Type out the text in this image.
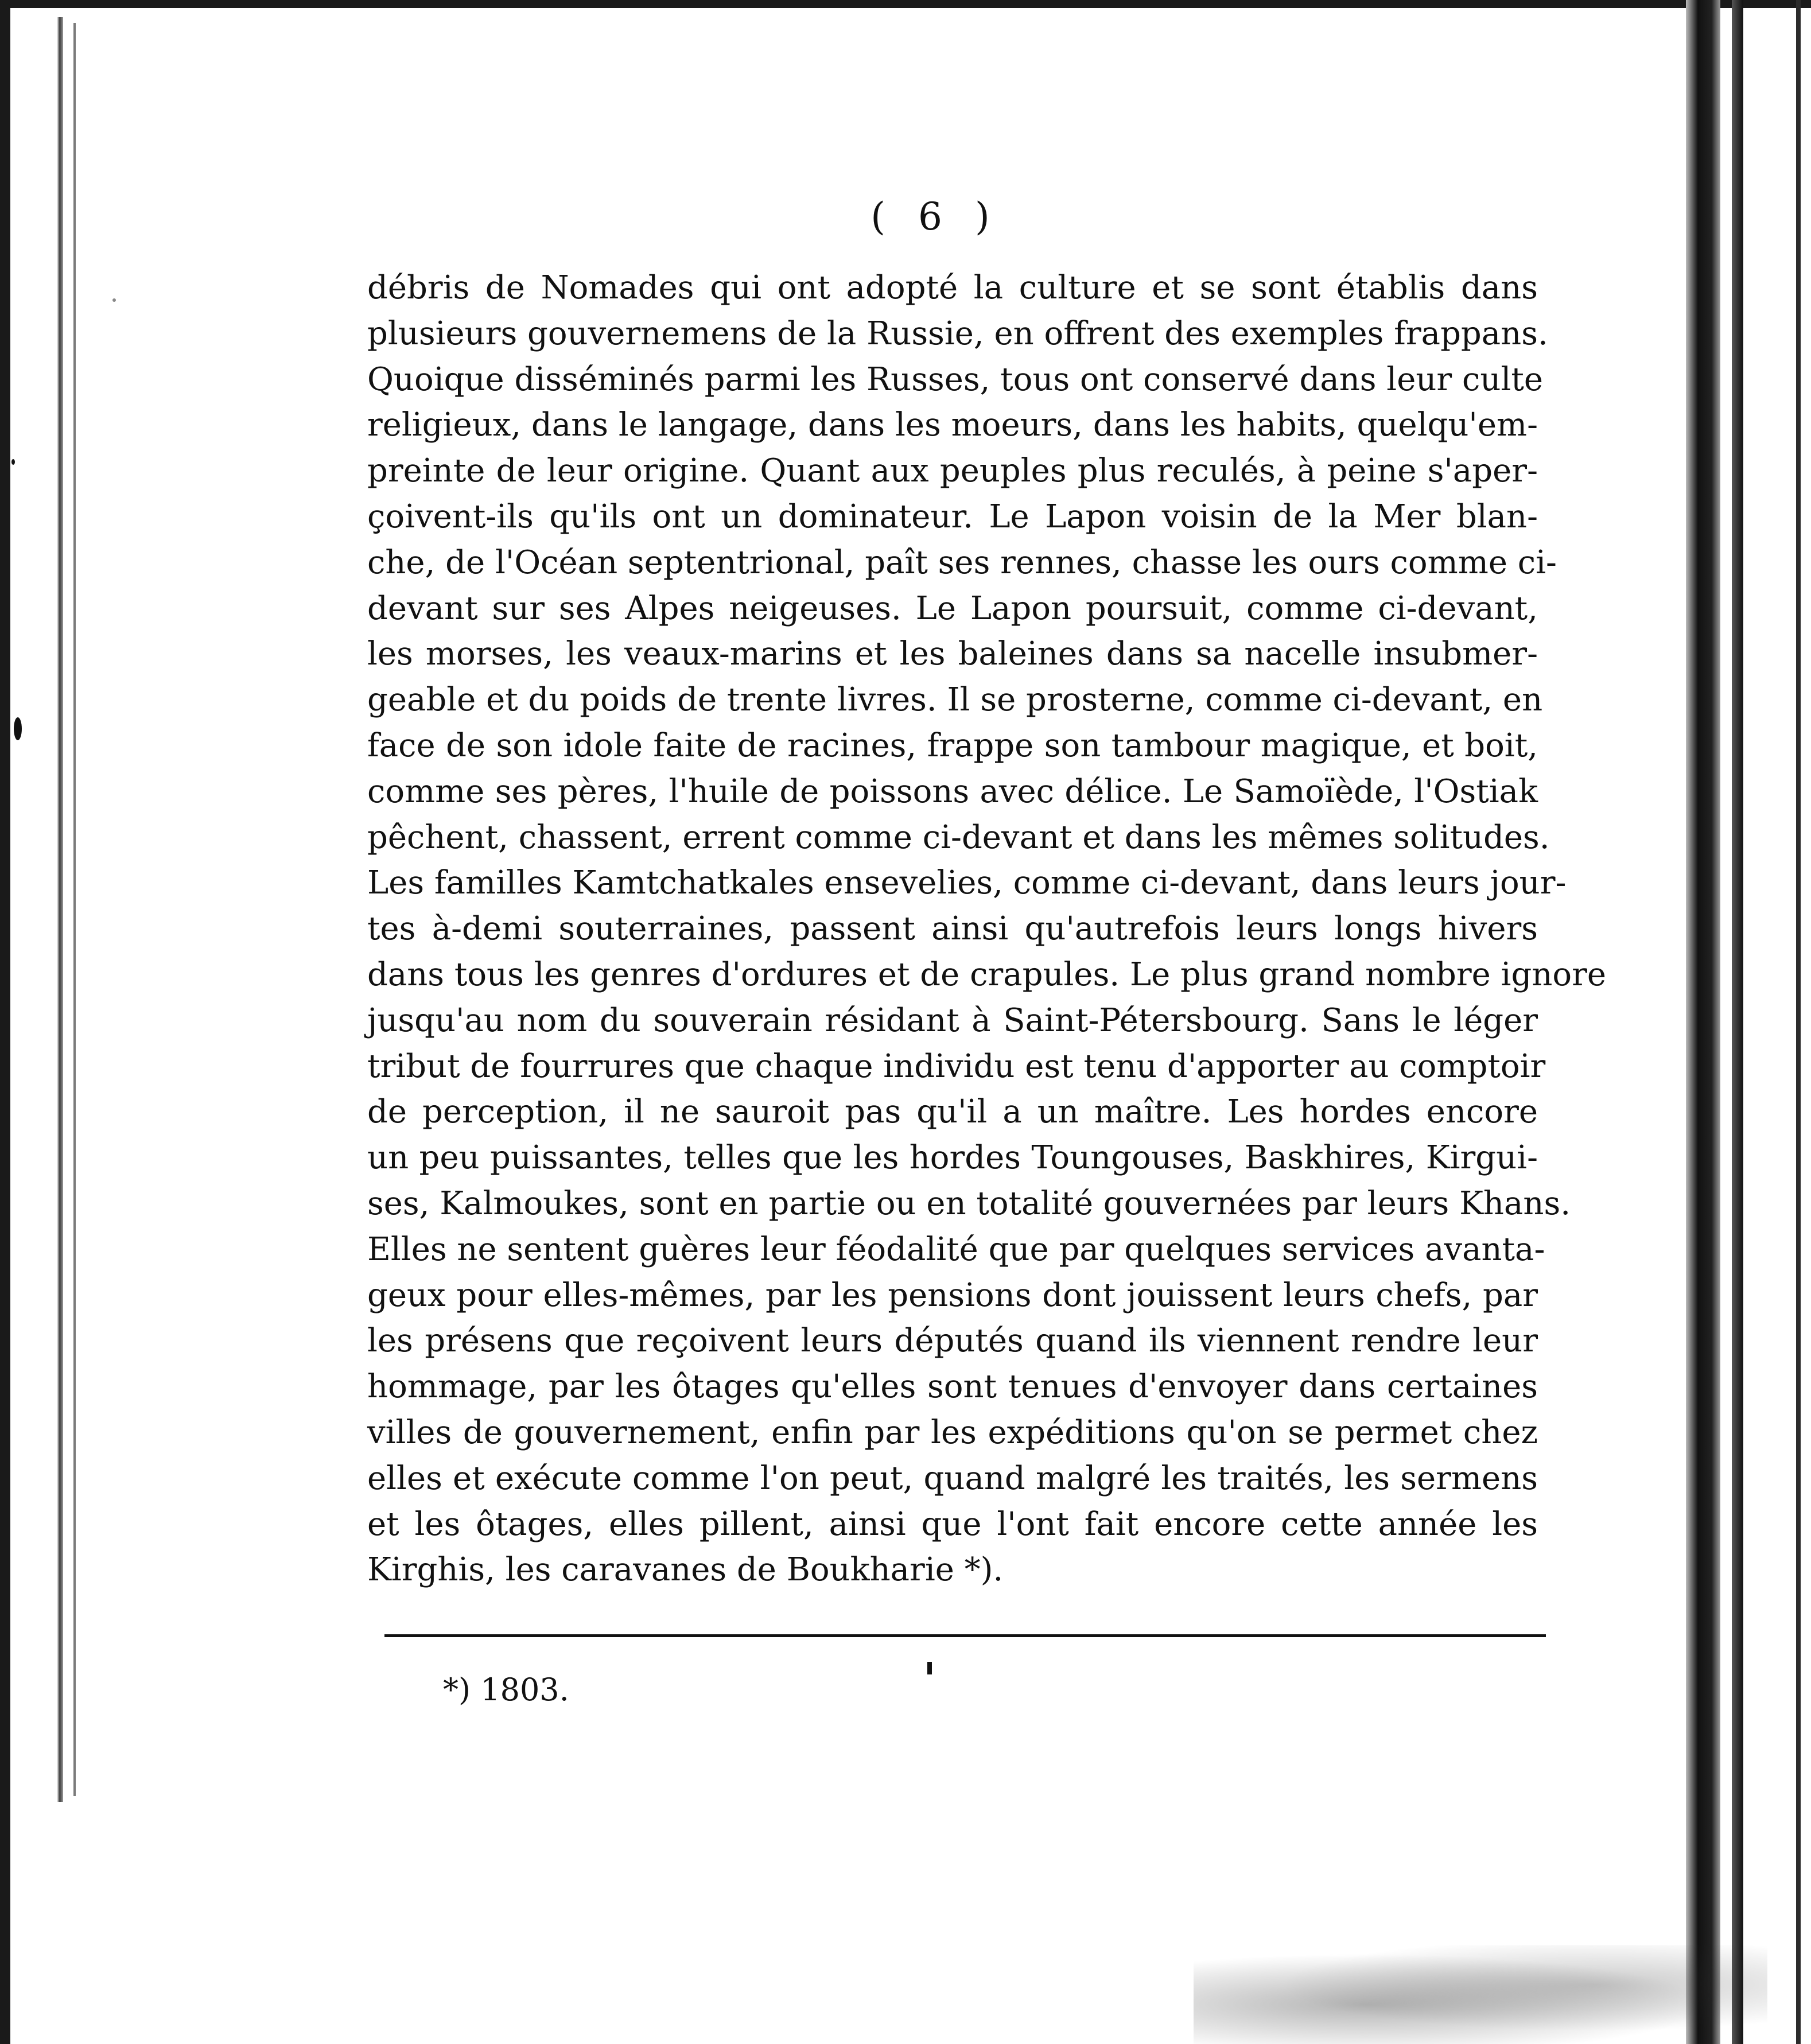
( 6 )
débris de Nomades qui ont adopté la culture et se sont établis dans
plusieurs gouvernemens de la Russie, en offrent des exemples frappans.
Quoique disséminés parmi les Russes, tous ont conservé dans leur culte
religieux, dans le langage, dans les moeurs, dans les habits, quelqu'em-
preinte de leur origine. Quant aux peuples plus reculés, à peine s'aper-
çoivent-ils qu'ils ont un dominateur. Le Lapon voisin de la Mer blan-
che, de l'Océan septentrional, paît ses rennes, chasse les ours comme ci-
devant sur ses Alpes neigeuses. Le Lapon poursuit, comme ci-devant,
les morses, les veaux-marins et les baleines dans sa nacelle insubmer-
geable et du poids de trente livres. Il se prosterne, comme ci-devant, en
face de son idole faite de racines, frappe son tambour magique, et boit,
comme ses pères, l'huile de poissons avec délice. Le Samoïède, l'Ostiak
pêchent, chassent, errent comme ci-devant et dans les mêmes solitudes.
Les familles Kamtchatkales ensevelies, comme ci-devant, dans leurs jour-
tes à-demi souterraines, passent ainsi qu'autrefois leurs longs hivers
dans tous les genres d'ordures et de crapules. Le plus grand nombre ignore
jusqu'au nom du souverain résidant à Saint-Pétersbourg. Sans le léger
tribut de fourrures que chaque individu est tenu d'apporter au comptoir
de perception, il ne sauroit pas qu'il a un maître. Les hordes encore
un peu puissantes, telles que les hordes Toungouses, Baskhires, Kirgui-
ses, Kalmoukes, sont en partie ou en totalité gouvernées par leurs Khans.
Elles ne sentent guères leur féodalité que par quelques services avanta-
geux pour elles-mêmes, par les pensions dont jouissent leurs chefs, par
les présens que reçoivent leurs députés quand ils viennent rendre leur
hommage, par les ôtages qu'elles sont tenues d'envoyer dans certaines
villes de gouvernement, enfin par les expéditions qu'on se permet chez
elles et exécute comme l'on peut, quand malgré les traités, les sermens
et les ôtages, elles pillent, ainsi que l'ont fait encore cette année les
Kirghis, les caravanes de Boukharie *).
*) 1803.
